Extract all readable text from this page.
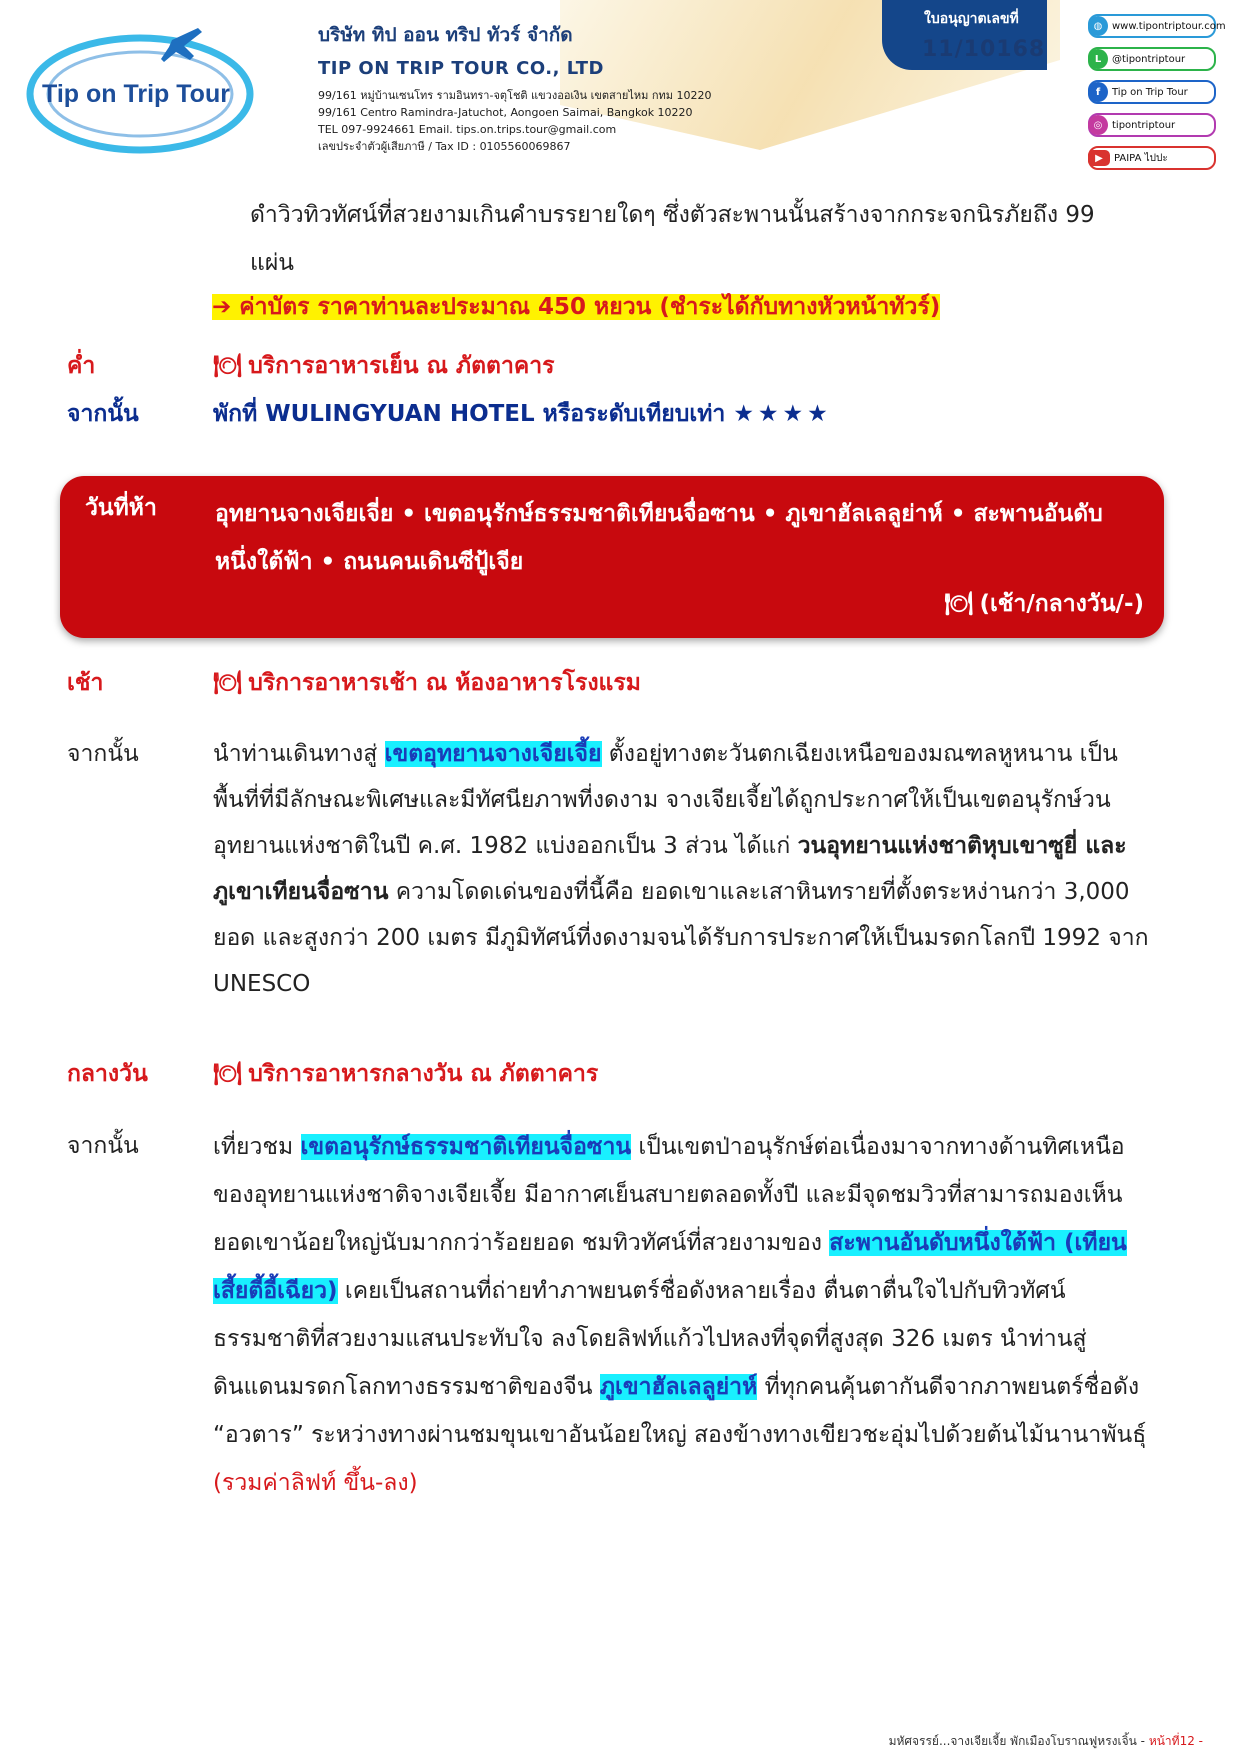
Tip on Trip Tour
บริษัท ทิป ออน ทริป ทัวร์ จำกัด
TIP ON TRIP TOUR CO., LTD
99/161 หมู่บ้านเซนโทร รามอินทรา-จตุโชติ แขวงออเงิน เขตสายไหม กทม 10220
99/161 Centro Ramindra-Jatuchot, Aongoen Saimai, Bangkok 10220
TEL 097-9924661 Email. tips.on.trips.tour@gmail.com
เลขประจำตัวผู้เสียภาษี / Tax ID : 0105560069867
ใบอนุญาตเลขที่
11/10168
◍ www.tipontriptour.com
L	@tipontriptour
f	Tip on Trip Tour
◎ tipontriptour
▶	PAIPA ไปปะ
ดำวิวทิวทัศน์ที่สวยงามเกินคำบรรยายใดๆ ซึ่งตัวสะพานนั้นสร้างจากกระจกนิรภัยถึง 99
แผ่น
➔ ค่าบัตร ราคาท่านละประมาณ 450 หยวน (ชำระได้กับทางหัวหน้าทัวร์)
ค่ำ	🍽 บริการอาหารเย็น ณ ภัตตาคาร
จากนั้น	พักที่ WULINGYUAN HOTEL หรือระดับเทียบเท่า ★★★★
วันที่ห้า	อุทยานจางเจียเจี่ย • เขตอนุรักษ์ธรรมชาติเทียนจื่อซาน • ภูเขาฮัลเลลูย่าห์ • สะพานอันดับ
หนึ่งใต้ฟ้า • ถนนคนเดินซีปู้เจีย
🍽 (เช้า/กลางวัน/-)
เช้า	🍽 บริการอาหารเช้า ณ ห้องอาหารโรงแรม
จากนั้น	นำท่านเดินทางสู่ เขตอุทยานจางเจียเจี้ย ตั้งอยู่ทางตะวันตกเฉียงเหนือของมณฑลหูหนาน เป็น
พื้นที่ที่มีลักษณะพิเศษและมีทัศนียภาพที่งดงาม จางเจียเจี้ยได้ถูกประกาศให้เป็นเขตอนุรักษ์วน
อุทยานแห่งชาติในปี ค.ศ. 1982 แบ่งออกเป็น 3 ส่วน ได้แก่ วนอุทยานแห่งชาติหุบเขาซูยี่ และ
ภูเขาเทียนจื่อซาน ความโดดเด่นของที่นี้คือ ยอดเขาและเสาหินทรายที่ตั้งตระหง่านกว่า 3,000
ยอด และสูงกว่า 200 เมตร มีภูมิทัศน์ที่งดงามจนได้รับการประกาศให้เป็นมรดกโลกปี 1992 จาก
UNESCO
กลางวัน	🍽 บริการอาหารกลางวัน ณ ภัตตาคาร
จากนั้น	เที่ยวชม เขตอนุรักษ์ธรรมชาติเทียนจื่อซาน เป็นเขตป่าอนุรักษ์ต่อเนื่องมาจากทางด้านทิศเหนือ
ของอุทยานแห่งชาติจางเจียเจี้ย มีอากาศเย็นสบายตลอดทั้งปี และมีจุดชมวิวที่สามารถมองเห็น
ยอดเขาน้อยใหญ่นับมากกว่าร้อยยอด ชมทิวทัศน์ที่สวยงามของ สะพานอันดับหนึ่งใต้ฟ้า (เทียน
เสี้ยตี้อี้เฉียว) เคยเป็นสถานที่ถ่ายทำภาพยนตร์ชื่อดังหลายเรื่อง ตื่นตาตื่นใจไปกับทิวทัศน์
ธรรมชาติที่สวยงามแสนประทับใจ ลงโดยลิฟท์แก้วไปหลงที่จุดที่สูงสุด 326 เมตร นำท่านสู่
ดินแดนมรดกโลกทางธรรมชาติของจีน ภูเขาฮัลเลลูย่าห์ ที่ทุกคนคุ้นตากันดีจากภาพยนตร์ชื่อดัง
“อวตาร” ระหว่างทางผ่านชมขุนเขาอันน้อยใหญ่ สองข้างทางเขียวชะอุ่มไปด้วยต้นไม้นานาพันธุ์
(รวมค่าลิฟท์ ขึ้น-ลง)
มหัศจรรย์...จางเจียเจี้ย พักเมืองโบราณฟูหรงเจิ้น - หน้าที่12 -
